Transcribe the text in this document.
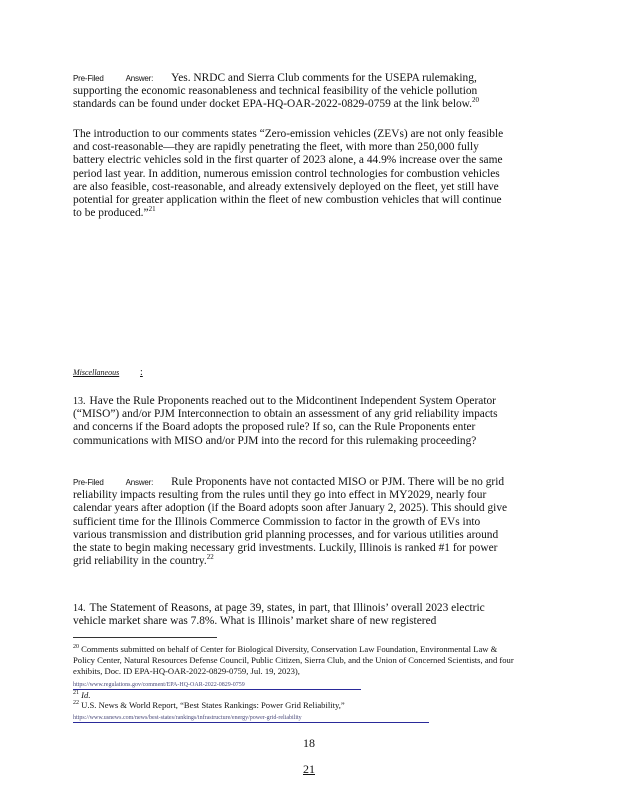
Pre-Filed	Answer: Yes. NRDC and Sierra Club comments for the USEPA rulemaking, supporting the economic reasonableness and technical feasibility of the vehicle pollution standards can be found under docket EPA-HQ-OAR-2022-0829-0759 at the link below.$^{20}$
The introduction to our comments states “Zero-emission vehicles (ZEVs) are not only feasible and cost-reasonable—they are rapidly penetrating the fleet, with more than 250,000 fully battery electric vehicles sold in the first quarter of 2023 alone, a 44.9% increase over the same period last year. In addition, numerous emission control technologies for combustion vehicles are also feasible, cost-reasonable, and already extensively deployed on the fleet, yet still have potential for greater application within the fleet of new combustion vehicles that will continue to be produced.”$^{21}$
Miscellaneous :
13. Have the Rule Proponents reached out to the Midcontinent Independent System Operator (“MISO”) and/or PJM Interconnection to obtain an assessment of any grid reliability impacts and concerns if the Board adopts the proposed rule? If so, can the Rule Proponents enter communications with MISO and/or PJM into the record for this rulemaking proceeding?
Pre-Filed	Answer: Rule Proponents have not contacted MISO or PJM. There will be no grid reliability impacts resulting from the rules until they go into effect in MY2029, nearly four calendar years after adoption (if the Board adopts soon after January 2, 2025). This should give sufficient time for the Illinois Commerce Commission to factor in the growth of EVs into various transmission and distribution grid planning processes, and for various utilities around the state to begin making necessary grid investments. Luckily, Illinois is ranked #1 for power grid reliability in the country.$^{22}$
14. The Statement of Reasons, at page 39, states, in part, that Illinois’ overall 2023 electric vehicle market share was 7.8%. What is Illinois’ market share of new registered
$^{20}$ Comments submitted on behalf of Center for Biological Diversity, Conservation Law Foundation, Environmental Law & Policy Center, Natural Resources Defense Council, Public Citizen, Sierra Club, and the Union of Concerned Scientists, and four exhibits, Doc. ID EPA-HQ-OAR-2022-0829-0759, Jul. 19, 2023),
https://www.regulations.gov/comment/EPA-HQ-OAR-2022-0829-0759
$^{21}$ Id.
$^{22}$ U.S. News & World Report, “Best States Rankings: Power Grid Reliability,”
https://www.usnews.com/news/best-states/rankings/infrastructure/energy/power-grid-reliability
18
21
